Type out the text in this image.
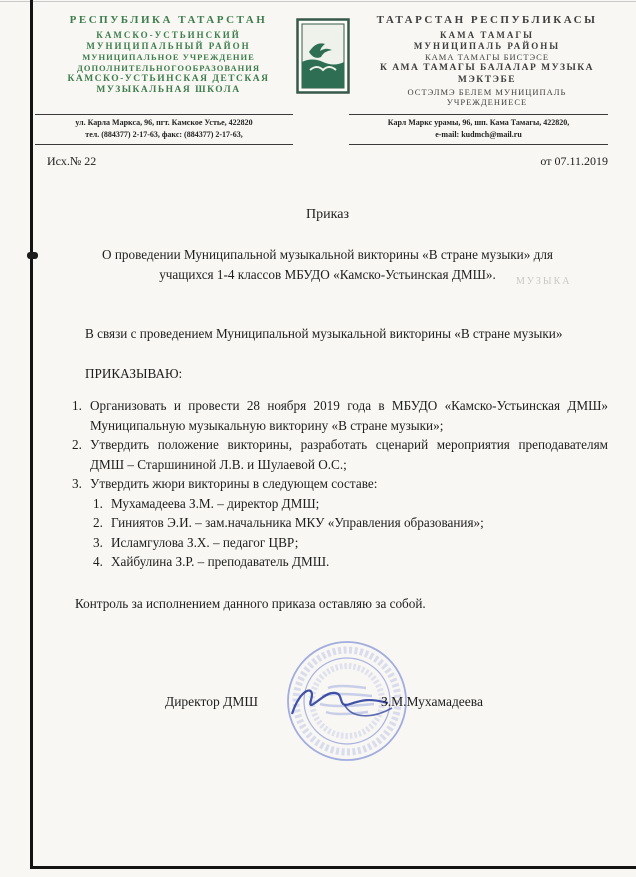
МУЗЫКА
РЕСПУБЛИКА ТАТАРСТАН
КАМСКО-УСТЬИНСКИЙ
МУНИЦИПАЛЬНЫЙ РАЙОН
МУНИЦИПАЛЬНОЕ УЧРЕЖДЕНИЕ
ДОПОЛНИТЕЛЬНОГООБРАЗОВАНИЯ
КАМСКО-УСТЬИНСКАЯ ДЕТСКАЯ
МУЗЫКАЛЬНАЯ ШКОЛА
ТАТАРСТАН РЕСПУБЛИКАСЫ
КАМА ТАМАГЫ
МУНИЦИПАЛЬ РАЙОНЫ
КАМА ТАМАГЫ БИСТЭСЕ
К АМА ТАМАГЫ БАЛАЛАР МУЗЫКА
МЭКТЭБЕ
ОСТЭЛМЭ БЕЛЕМ МУНИЦИПАЛЬ
УЧРЕЖДЕНИЕСЕ
ул. Карла Маркса, 96, пгт. Камское Устье, 422820
тел. (884377) 2-17-63, факс: (884377) 2-17-63,
Карл Маркс урамы, 96, шп. Кама Тамагы, 422820,
e-mail: kudmch@mail.ru
Исх.№ 22	от 07.11.2019
Приказ
О проведении Муниципальной музыкальной викторины «В стране музыки» для учащихся 1-4 классов МБУДО «Камско-Устьинская ДМШ».
В связи с проведением Муниципальной музыкальной викторины «В стране музыки»
ПРИКАЗЫВАЮ:
1. Организовать и провести 28 ноября 2019 года в МБУДО «Камско-Устьинская ДМШ» Муниципальную музыкальную викторину «В стране музыки»;
2. Утвердить положение викторины, разработать сценарий мероприятия преподавателям ДМШ – Старшининой Л.В. и Шулаевой О.С.;
3. Утвердить жюри викторины в следующем составе:
1. Мухамадеева З.М. – директор ДМШ;
2. Гиниятов Э.И. – зам.начальника МКУ «Управления образования»;
3. Исламгулова З.Х. – педагог ЦВР;
4. Хайбулина З.Р. – преподаватель ДМШ.
Контроль за исполнением данного приказа оставляю за собой.
Директор ДМШ	З.М.Мухамадеева
